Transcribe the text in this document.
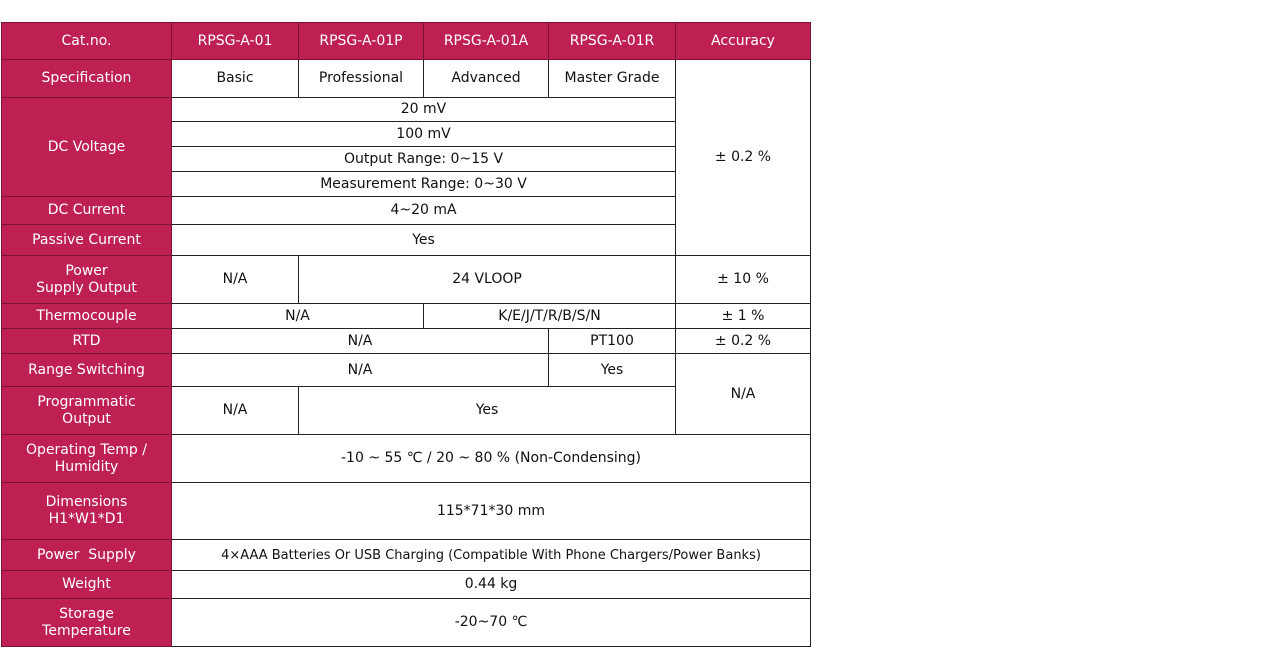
Cat.no.	RPSG-A-01	RPSG-A-01P	RPSG-A-01A	RPSG-A-01R	Accuracy
Specification	Basic	Professional	Advanced	Master Grade	± 0.2 %
DC Voltage	20 mV				
	100 mV				
	Output Range: 0~15 V				
	Measurement Range: 0~30 V				
DC Current	4~20 mA				
Passive Current	Yes				

Power
Supply Output	N/A	24 VLOOP			± 10 %
Thermocouple	N/A		K/E/J/T/R/B/S/N		± 1 %
RTD	N/A			PT100	± 0.2 %
Range Switching	N/A			Yes	N/A

Programmatic
Output	N/A	Yes			

Operating Temp /
Humidity	-10 ~ 55 ℃ / 20 ~ 80 % (Non-Condensing)				

Dimensions
H1*W1*D1	115*71*30 mm				
Power  Supply	4×AAA Batteries Or USB Charging (Compatible With Phone Chargers/Power Banks)				
Weight	0.44 kg				

Storage
Temperature	-20~70 ℃				
